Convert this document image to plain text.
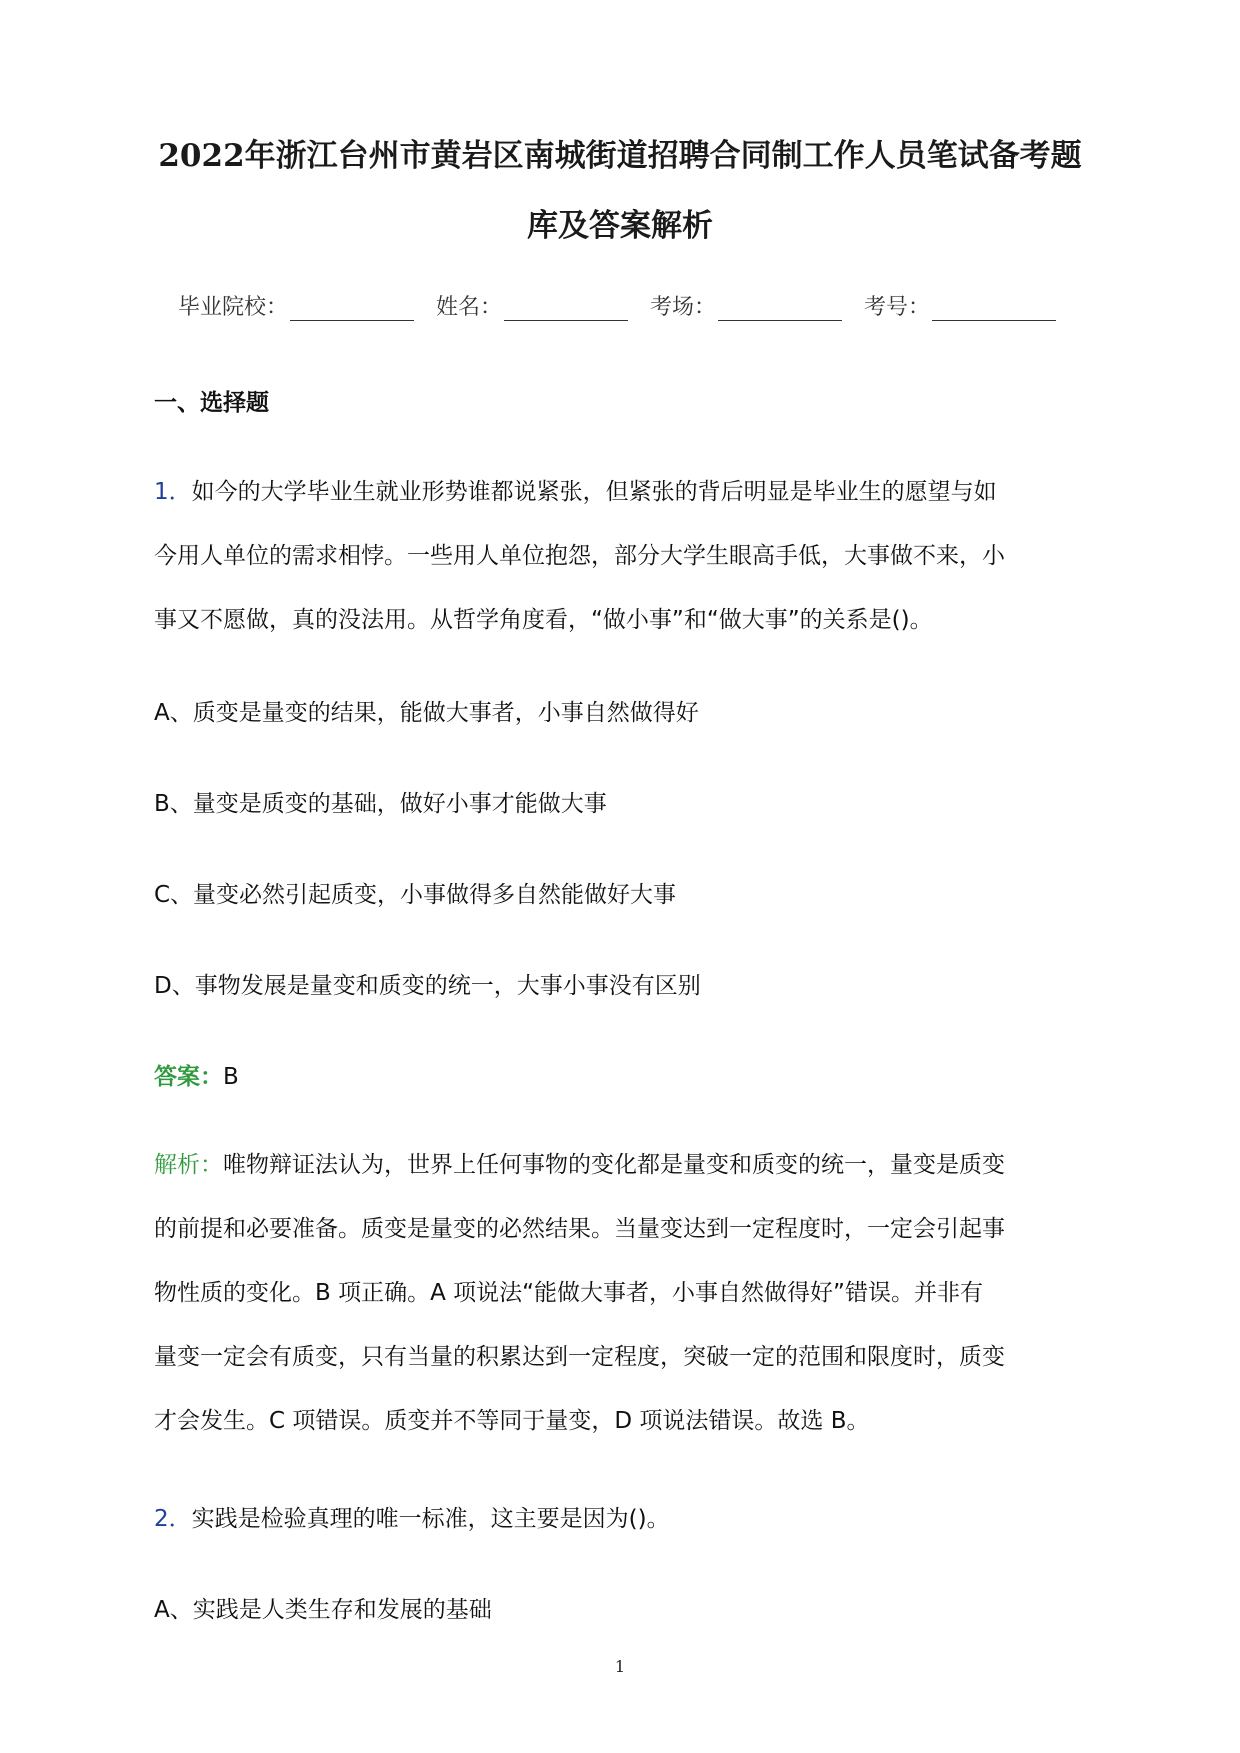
2022年浙江台州市黄岩区南城街道招聘合同制工作人员笔试备考题
库及答案解析
毕业院校：	姓名：	考场：	考号：
一、选择题
1．如今的大学毕业生就业形势谁都说紧张，但紧张的背后明显是毕业生的愿望与如
今用人单位的需求相悖。一些用人单位抱怨，部分大学生眼高手低，大事做不来，小
事又不愿做，真的没法用。从哲学角度看，“做小事”和“做大事”的关系是()。
A、质变是量变的结果，能做大事者，小事自然做得好
B、量变是质变的基础，做好小事才能做大事
C、量变必然引起质变，小事做得多自然能做好大事
D、事物发展是量变和质变的统一，大事小事没有区别
答案：B
解析：唯物辩证法认为，世界上任何事物的变化都是量变和质变的统一，量变是质变
的前提和必要准备。质变是量变的必然结果。当量变达到一定程度时，一定会引起事
物性质的变化。B 项正确。A 项说法“能做大事者，小事自然做得好”错误。并非有
量变一定会有质变，只有当量的积累达到一定程度，突破一定的范围和限度时，质变
才会发生。C 项错误。质变并不等同于量变，D 项说法错误。故选 B。
2．实践是检验真理的唯一标准，这主要是因为()。
A、实践是人类生存和发展的基础
1
